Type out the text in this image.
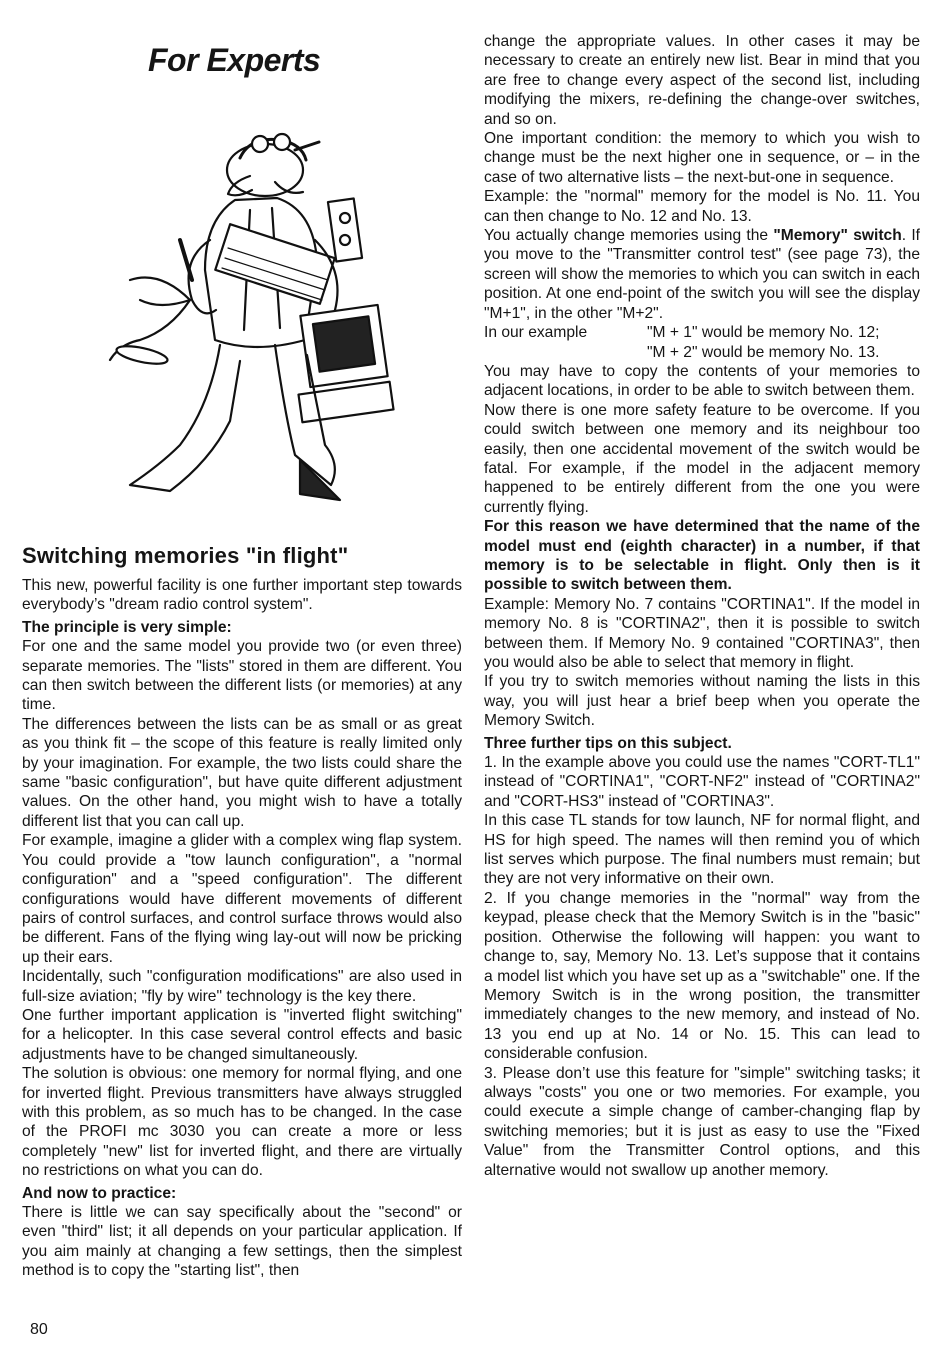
For Experts
Switching memories "in flight"

This new, powerful facility is one further important step towards everybody’s "dream radio control system".

The principle is very simple:

For one and the same model you provide two (or even three) separate memories. The "lists" stored in them are different. You can then switch between the different lists (or memories) at any time.

The differences between the lists can be as small or as great as you think fit – the scope of this feature is really limited only by your imagination. For example, the two lists could share the same "basic configuration", but have quite different adjustment values. On the other hand, you might wish to have a totally different list that you can call up.

For example, imagine a glider with a complex wing flap system. You could provide a "tow launch configuration", a "normal configuration" and a "speed configuration". The different configurations would have different movements of different pairs of control surfaces, and control surface throws would also be different. Fans of the flying wing lay-out will now be pricking up their ears.

Incidentally, such "configuration modifications" are also used in full-size aviation; "fly by wire" technology is the key there.

One further important application is "inverted flight switching" for a helicopter. In this case several control effects and basic adjustments have to be changed simultaneously.

The solution is obvious: one memory for normal flying, and one for inverted flight. Previous transmitters have always struggled with this problem, as so much has to be changed. In the case of the PROFI mc 3030 you can create a more or less completely "new" list for inverted flight, and there are virtually no restrictions on what you can do.

And now to practice:

There is little we can say specifically about the "second" or even "third" list; it all depends on your particular application. If you aim mainly at changing a few settings, then the simplest method is to copy the "starting list", then

change the appropriate values. In other cases it may be necessary to create an entirely new list. Bear in mind that you are free to change every aspect of the second list, including modifying the mixers, re-defining the change-over switches, and so on.

One important condition: the memory to which you wish to change must be the next higher one in sequence, or – in the case of two alternative lists – the next-but-one in sequence.

Example: the "normal" memory for the model is No. 11. You can then change to No. 12 and No. 13.

You actually change memories using the "Memory" switch. If you move to the "Transmitter control test" (see page 73), the screen will show the memories to which you can switch in each position. At one end-point of the switch you will see the display "M+1", in the other "M+2".

In our example	"M + 1" would be memory No. 12;
"M + 2" would be memory No. 13.

You may have to copy the contents of your memories to adjacent locations, in order to be able to switch between them.

Now there is one more safety feature to be overcome. If you could switch between one memory and its neighbour too easily, then one accidental movement of the switch would be fatal. For example, if the model in the adjacent memory happened to be entirely different from the one you were currently flying.

For this reason we have determined that the name of the model must end (eighth character) in a number, if that memory is to be selectable in flight. Only then is it possible to switch between them.

Example: Memory No. 7 contains "CORTINA1". If the model in memory No. 8 is "CORTINA2", then it is possible to switch between them. If Memory No. 9 contained "CORTINA3", then you would also be able to select that memory in flight.

If you try to switch memories without naming the lists in this way, you will just hear a brief beep when you operate the Memory Switch.

Three further tips on this subject.

1. In the example above you could use the names "CORT-TL1" instead of "CORTINA1", "CORT-NF2" instead of "CORTINA2" and "CORT-HS3" instead of "CORTINA3".

In this case TL stands for tow launch, NF for normal flight, and HS for high speed. The names will then remind you of which list serves which purpose. The final numbers must remain; but they are not very informative on their own.

2. If you change memories in the "normal" way from the keypad, please check that the Memory Switch is in the "basic" position. Otherwise the following will happen: you want to change to, say, Memory No. 13. Let’s suppose that it contains a model list which you have set up as a "switchable" one. If the Memory Switch is in the wrong position, the transmitter immediately changes to the new memory, and instead of No. 13 you end up at No. 14 or No. 15. This can lead to considerable confusion.

3. Please don’t use this feature for "simple" switching tasks; it always "costs" you one or two memories. For example, you could execute a simple change of camber-changing flap by switching memories; but it is just as easy to use the "Fixed Value" from the Transmitter Control options, and this alternative would not swallow up another memory.

80
